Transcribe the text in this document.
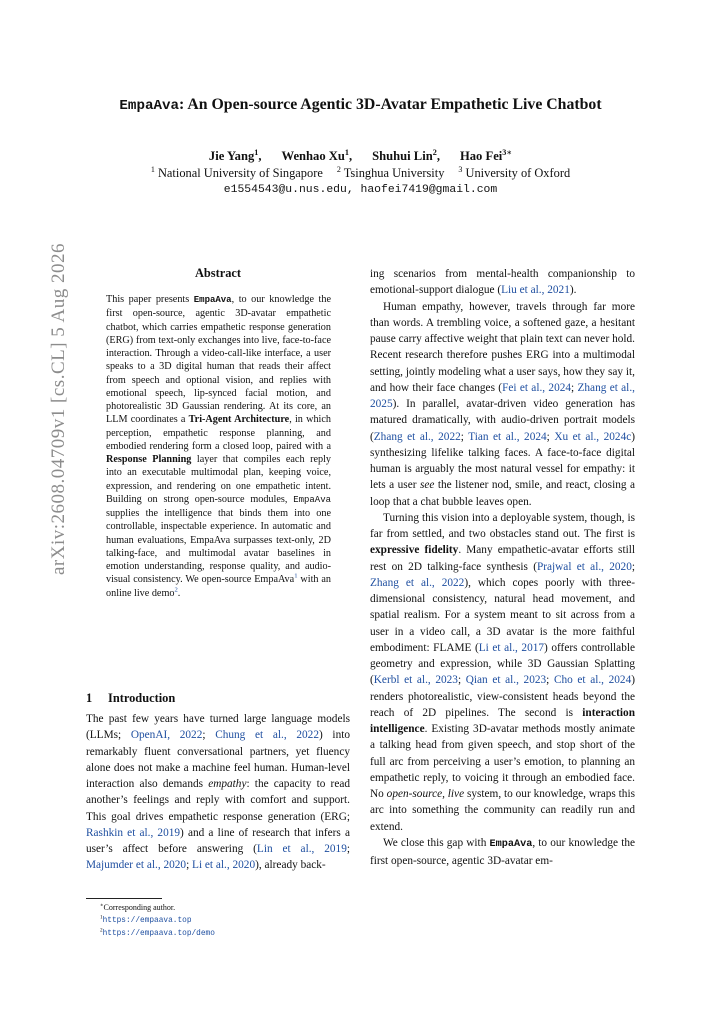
arXiv:2608.04709v1 [cs.CL] 5 Aug 2026
EmpaAva: An Open-source Agentic 3D-Avatar Empathetic Live Chatbot
Jie Yang$^1$, Wenhao Xu$^1$, Shuhui Lin$^2$, Hao Fei$^{3∗}$
$^1$ National University of Singapore $^2$ Tsinghua University $^3$ University of Oxford
e1554543@u.nus.edu, haofei7419@gmail.com
Abstract
This paper presents EmpaAva, to our knowledge the first open-source, agentic 3D-avatar empathetic chatbot, which carries empathetic response generation (ERG) from text-only exchanges into live, face-to-face interaction. Through a video-call-like interface, a user speaks to a 3D digital human that reads their affect from speech and optional vision, and replies with emotional speech, lip-synced facial motion, and photorealistic 3D Gaussian rendering. At its core, an LLM coordinates a Tri-Agent Architecture, in which perception, empathetic response planning, and embodied rendering form a closed loop, paired with a Response Planning layer that compiles each reply into an executable multimodal plan, keeping voice, expression, and rendering on one empathetic intent. Building on strong open-source modules, EmpaAva supplies the intelligence that binds them into one controllable, inspectable experience. In automatic and human evaluations, EmpaAva surpasses text-only, 2D talking-face, and multimodal avatar baselines in emotion understanding, response quality, and audio-visual consistency. We open-source EmpaAva$^1$ with an online live demo$^2$.
1 Introduction
The past few years have turned large language models (LLMs; OpenAI, 2022; Chung et al., 2022) into remarkably fluent conversational partners, yet fluency alone does not make a machine feel human. Human-level interaction also demands empathy: the capacity to read another’s feelings and reply with comfort and support. This goal drives empathetic response generation (ERG; Rashkin et al., 2019) and a line of research that infers a user’s affect before answering (Lin et al., 2019; Majumder et al., 2020; Li et al., 2020), already back-
∗Corresponding author.
$^1$https://empaava.top
$^2$https://empaava.top/demo

ing scenarios from mental-health companionship to emotional-support dialogue (Liu et al., 2021).

Human empathy, however, travels through far more than words. A trembling voice, a softened gaze, a hesitant pause carry affective weight that plain text can never hold. Recent research therefore pushes ERG into a multimodal setting, jointly modeling what a user says, how they say it, and how their face changes (Fei et al., 2024; Zhang et al., 2025). In parallel, avatar-driven video generation has matured dramatically, with audio-driven portrait models (Zhang et al., 2022; Tian et al., 2024; Xu et al., 2024c) synthesizing lifelike talking faces. A face-to-face digital human is arguably the most natural vessel for empathy: it lets a user see the listener nod, smile, and react, closing a loop that a chat bubble leaves open.

Turning this vision into a deployable system, though, is far from settled, and two obstacles stand out. The first is expressive fidelity. Many empathetic-avatar efforts still rest on 2D talking-face synthesis (Prajwal et al., 2020; Zhang et al., 2022), which copes poorly with three-dimensional consistency, natural head movement, and spatial realism. For a system meant to sit across from a user in a video call, a 3D avatar is the more faithful embodiment: FLAME (Li et al., 2017) offers controllable geometry and expression, while 3D Gaussian Splatting (Kerbl et al., 2023; Qian et al., 2023; Cho et al., 2024) renders photorealistic, view-consistent heads beyond the reach of 2D pipelines. The second is interaction intelligence. Existing 3D-avatar methods mostly animate a talking head from given speech, and stop short of the full arc from perceiving a user’s emotion, to planning an empathetic reply, to voicing it through an embodied face. No open-source, live system, to our knowledge, wraps this arc into something the community can readily run and extend.

We close this gap with EmpaAva, to our knowledge the first open-source, agentic 3D-avatar em-
